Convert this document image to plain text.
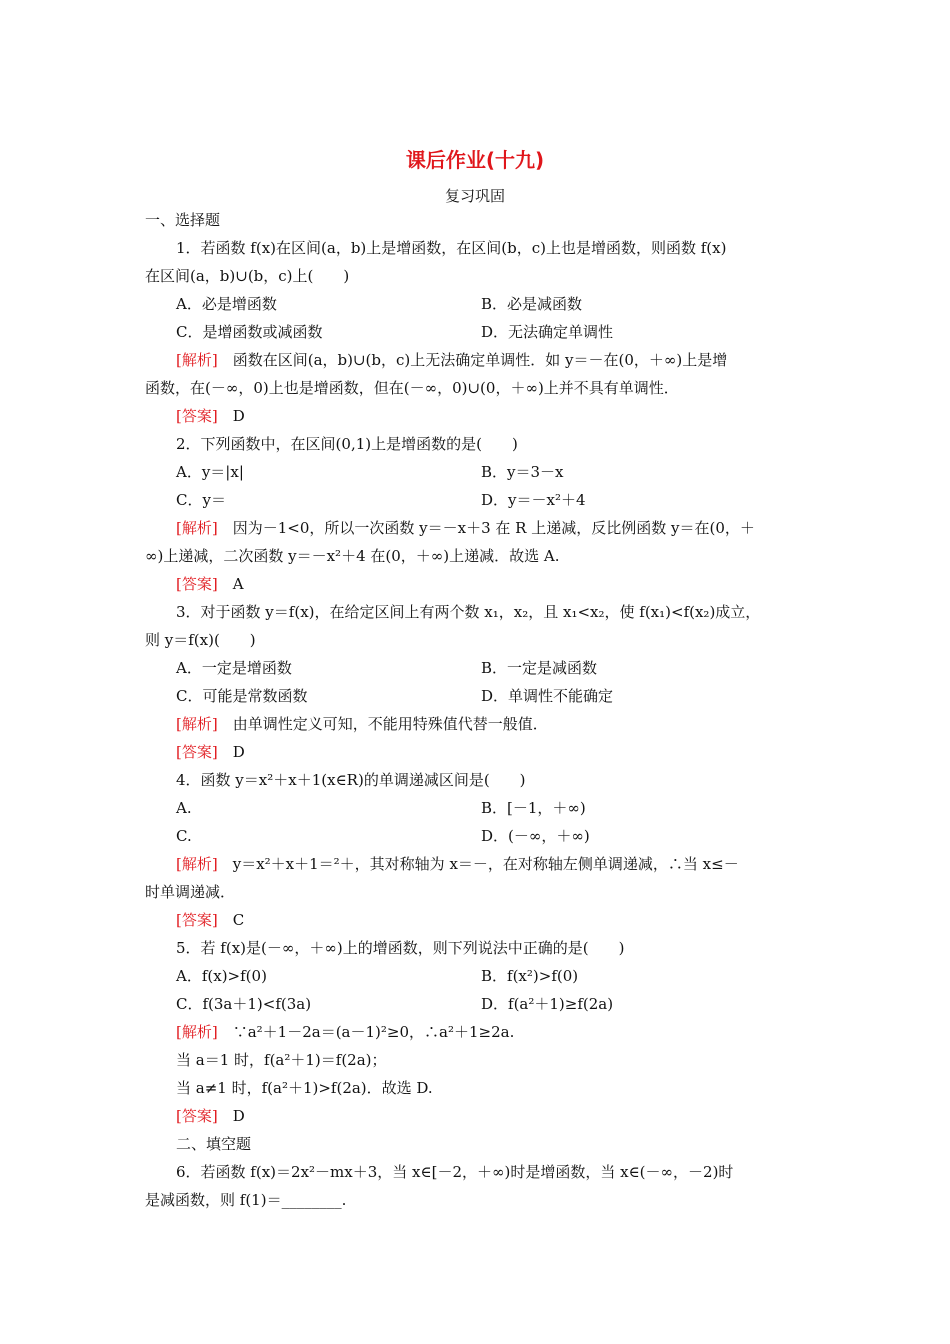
课后作业(十九)
复习巩固
一、选择题
1．若函数 f(x)在区间(a，b)上是增函数，在区间(b，c)上也是增函数，则函数 f(x)
在区间(a，b)∪(b，c)上(　　)
A．必是增函数	B．必是减函数
C．是增函数或减函数	D．无法确定单调性
[解析]　函数在区间(a，b)∪(b，c)上无法确定单调性．如 y＝－在(0，＋∞)上是增
函数，在(－∞，0)上也是增函数，但在(－∞，0)∪(0，＋∞)上并不具有单调性．
[答案]　D
2．下列函数中，在区间(0,1)上是增函数的是(　　)
A．y＝|x|	B．y＝3－x
C．y＝	D．y＝－x²＋4
[解析]　因为－1<0，所以一次函数 y＝－x＋3 在 R 上递减，反比例函数 y＝在(0，＋
∞)上递减，二次函数 y＝－x²＋4 在(0，＋∞)上递减．故选 A.
[答案]　A
3．对于函数 y＝f(x)，在给定区间上有两个数 x₁，x₂，且 x₁<x₂，使 f(x₁)<f(x₂)成立，
则 y＝f(x)(　　)
A．一定是增函数	B．一定是减函数
C．可能是常数函数	D．单调性不能确定
[解析]　由单调性定义可知，不能用特殊值代替一般值．
[答案]　D
4．函数 y＝x²＋x＋1(x∈R)的单调递减区间是(　　)
A.	B．[－1，＋∞)
C.	D．(－∞，＋∞)
[解析]　y＝x²＋x＋1＝²＋，其对称轴为 x＝－，在对称轴左侧单调递减，∴当 x≤－
时单调递减．
[答案]　C
5．若 f(x)是(－∞，＋∞)上的增函数，则下列说法中正确的是(　　)
A．f(x)>f(0)	B．f(x²)>f(0)
C．f(3a＋1)<f(3a)	D．f(a²＋1)≥f(2a)
[解析]　∵a²＋1－2a＝(a－1)²≥0，∴a²＋1≥2a.
当 a＝1 时，f(a²＋1)＝f(2a)；
当 a≠1 时，f(a²＋1)>f(2a)．故选 D.
[答案]　D
二、填空题
6．若函数 f(x)＝2x²－mx＋3，当 x∈[－2，＋∞)时是增函数，当 x∈(－∞，－2)时
是减函数，则 f(1)＝________.
